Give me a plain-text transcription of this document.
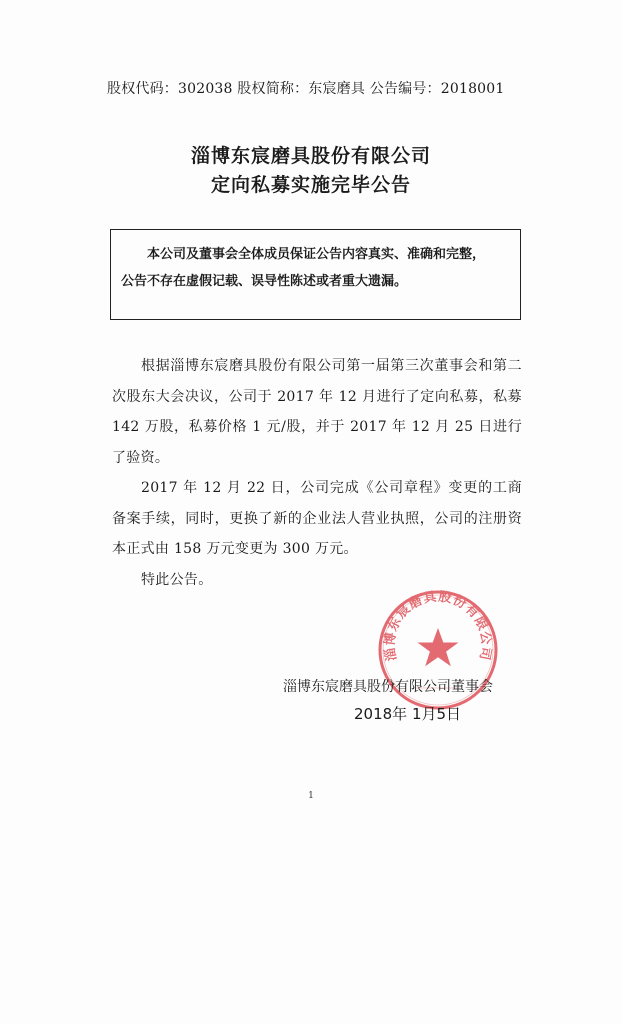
股权代码：302038 股权简称：东宸磨具 公告编号：2018001
淄博东宸磨具股份有限公司
定向私募实施完毕公告
本公司及董事会全体成员保证公告内容真实、准确和完整，
公告不存在虚假记载、误导性陈述或者重大遗漏。

根据淄博东宸磨具股份有限公司第一届第三次董事会和第二次股东大会决议，公司于 2017 年 12 月进行了定向私募，私募 142 万股，私募价格 1 元/股，并于 2017 年 12 月 25 日进行了验资。

2017 年 12 月 22 日，公司完成《公司章程》变更的工商备案手续，同时，更换了新的企业法人营业执照，公司的注册资本正式由 158 万元变更为 300 万元。

特此公告。

淄博东宸磨具股份有限公司
淄博东宸磨具股份有限公司董事会
2018年 1月5日
1
